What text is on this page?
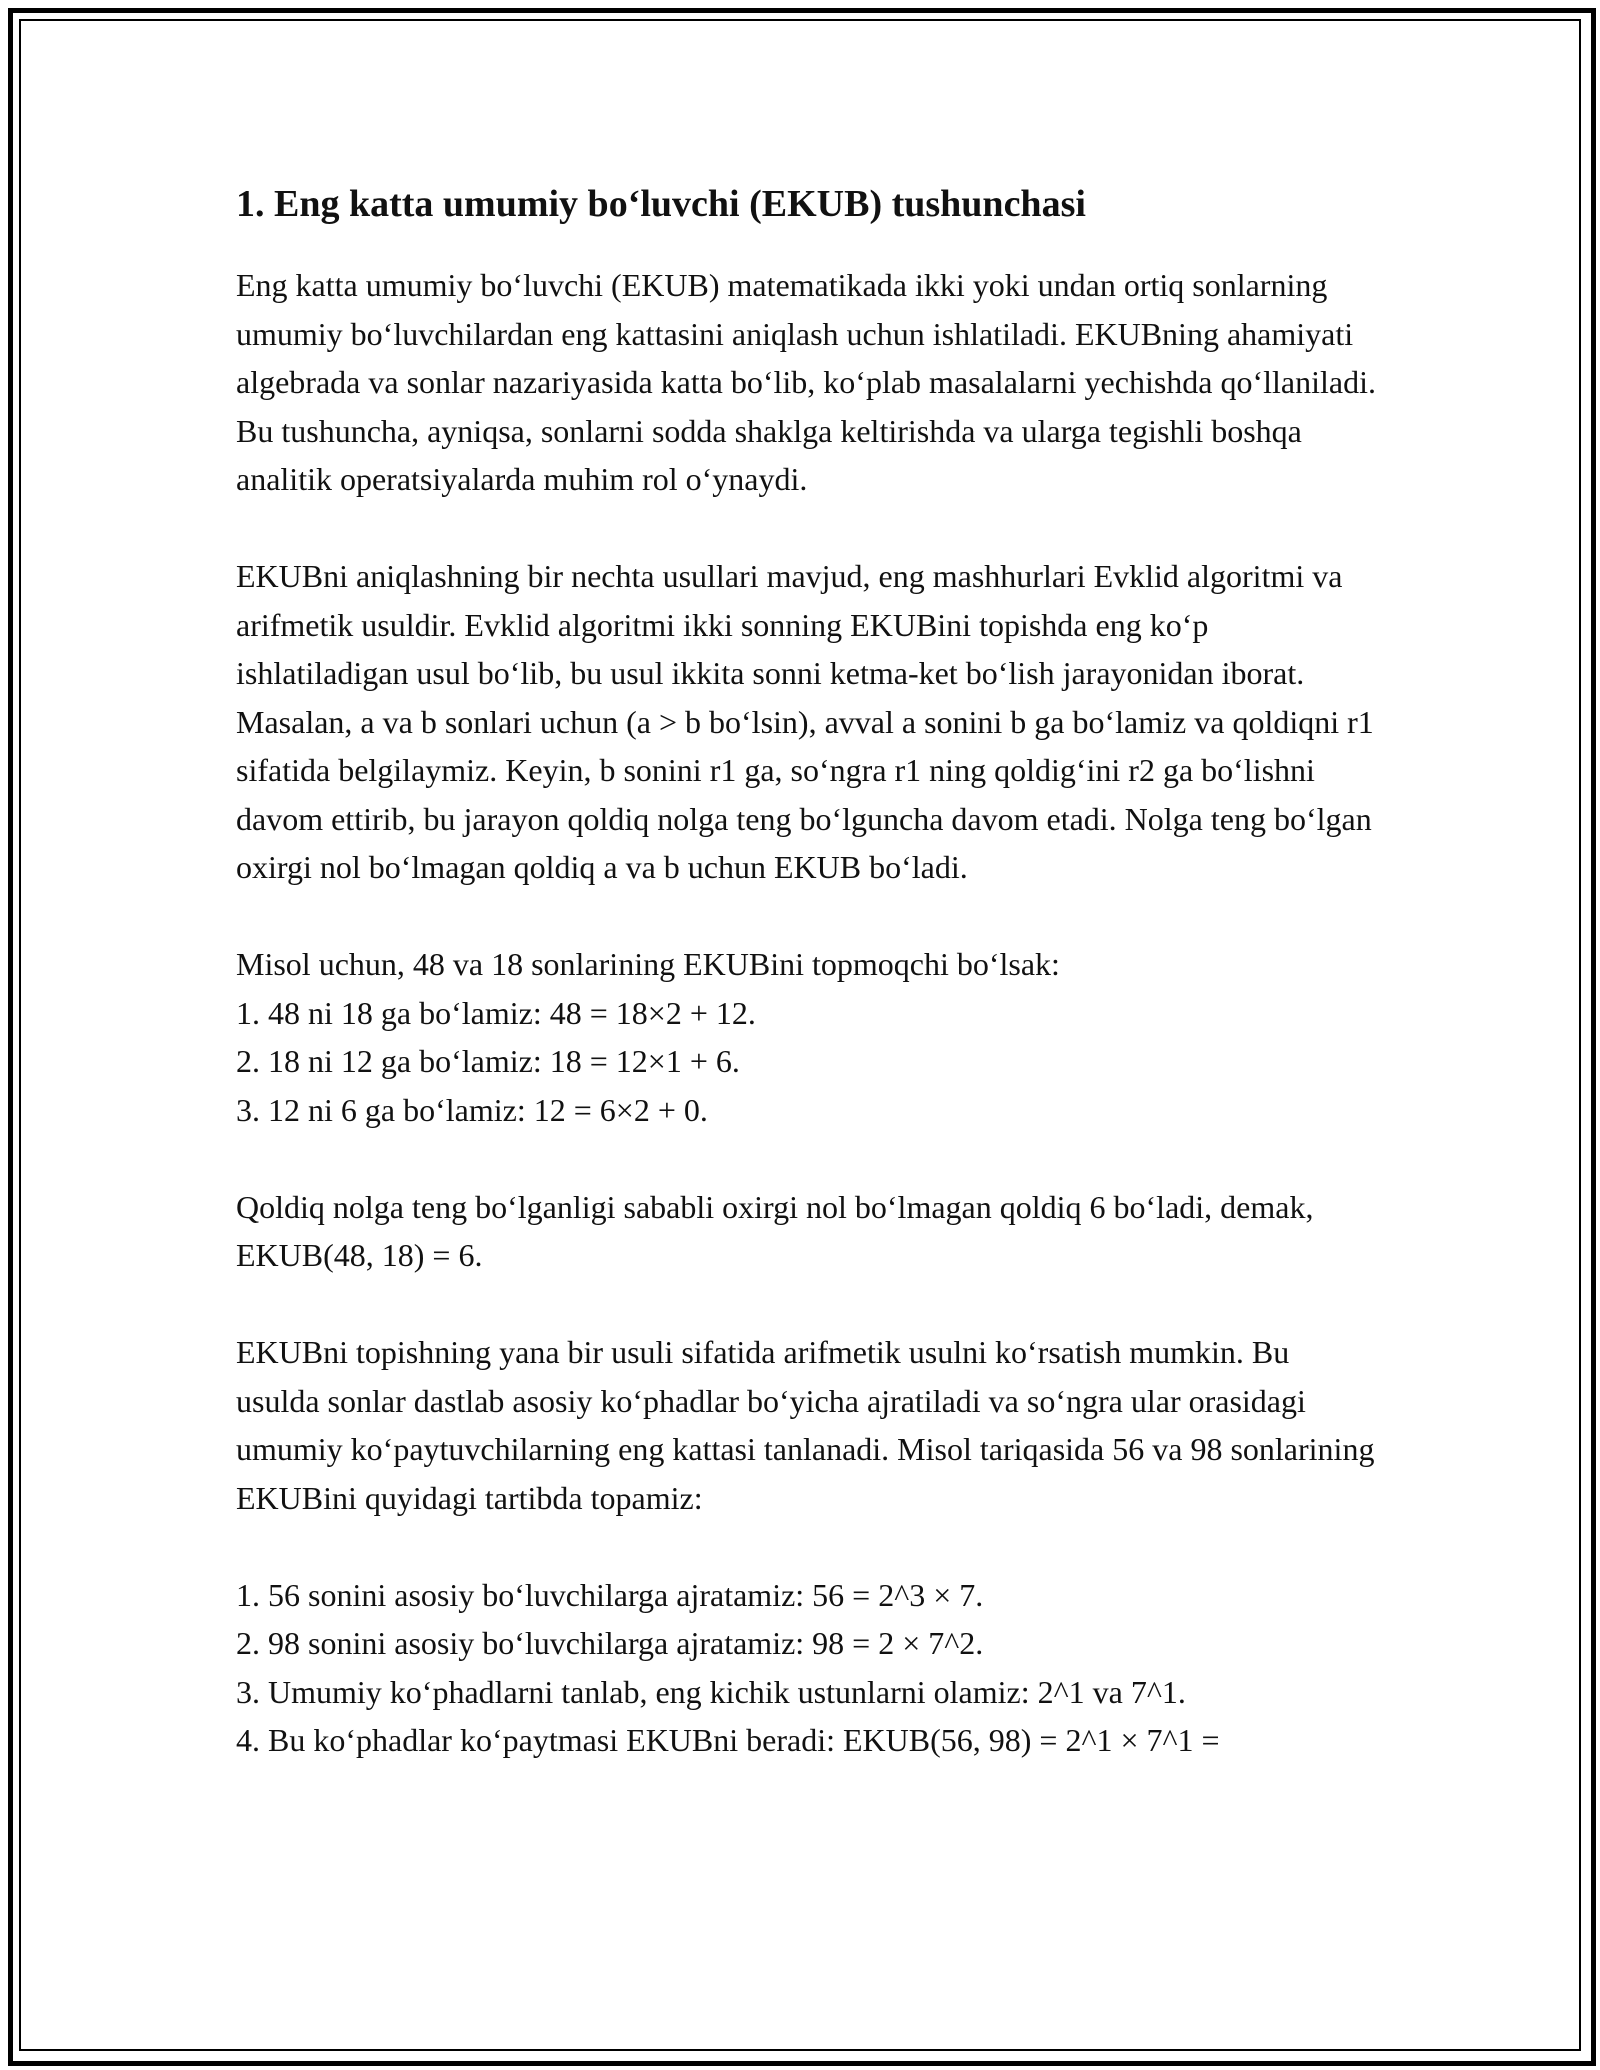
1. Eng katta umumiy bo‘luvchi (EKUB) tushunchasi

Eng katta umumiy bo‘luvchi (EKUB) matematikada ikki yoki undan ortiq sonlarning umumiy bo‘luvchilardan eng kattasini aniqlash uchun ishlatiladi. EKUBning ahamiyati algebrada va sonlar nazariyasida katta bo‘lib, ko‘plab masalalarni yechishda qo‘llaniladi. Bu tushuncha, ayniqsa, sonlarni sodda shaklga keltirishda va ularga tegishli boshqa analitik operatsiyalarda muhim rol o‘ynaydi.

EKUBni aniqlashning bir nechta usullari mavjud, eng mashhurlari Evklid algoritmi va arifmetik usuldir. Evklid algoritmi ikki sonning EKUBini topishda eng ko‘p ishlatiladigan usul bo‘lib, bu usul ikkita sonni ketma-ket bo‘lish jarayonidan iborat. Masalan, a va b sonlari uchun (a > b bo‘lsin), avval a sonini b ga bo‘lamiz va qoldiqni r1 sifatida belgilaymiz. Keyin, b sonini r1 ga, so‘ngra r1 ning qoldig‘ini r2 ga bo‘lishni davom ettirib, bu jarayon qoldiq nolga teng bo‘lguncha davom etadi. Nolga teng bo‘lgan oxirgi nol bo‘lmagan qoldiq a va b uchun EKUB bo‘ladi.

Misol uchun, 48 va 18 sonlarining EKUBini topmoqchi bo‘lsak:

1. 48 ni 18 ga bo‘lamiz: 48 = 18×2 + 12.

2. 18 ni 12 ga bo‘lamiz: 18 = 12×1 + 6.

3. 12 ni 6 ga bo‘lamiz: 12 = 6×2 + 0.

Qoldiq nolga teng bo‘lganligi sababli oxirgi nol bo‘lmagan qoldiq 6 bo‘ladi, demak, EKUB(48, 18) = 6.

EKUBni topishning yana bir usuli sifatida arifmetik usulni ko‘rsatish mumkin. Bu usulda sonlar dastlab asosiy ko‘phadlar bo‘yicha ajratiladi va so‘ngra ular orasidagi umumiy ko‘paytuvchilarning eng kattasi tanlanadi. Misol tariqasida 56 va 98 sonlarining EKUBini quyidagi tartibda topamiz:

1. 56 sonini asosiy bo‘luvchilarga ajratamiz: 56 = 2^3 × 7.

2. 98 sonini asosiy bo‘luvchilarga ajratamiz: 98 = 2 × 7^2.

3. Umumiy ko‘phadlarni tanlab, eng kichik ustunlarni olamiz: 2^1 va 7^1.

4. Bu ko‘phadlar ko‘paytmasi EKUBni beradi: EKUB(56, 98) = 2^1 × 7^1 =
